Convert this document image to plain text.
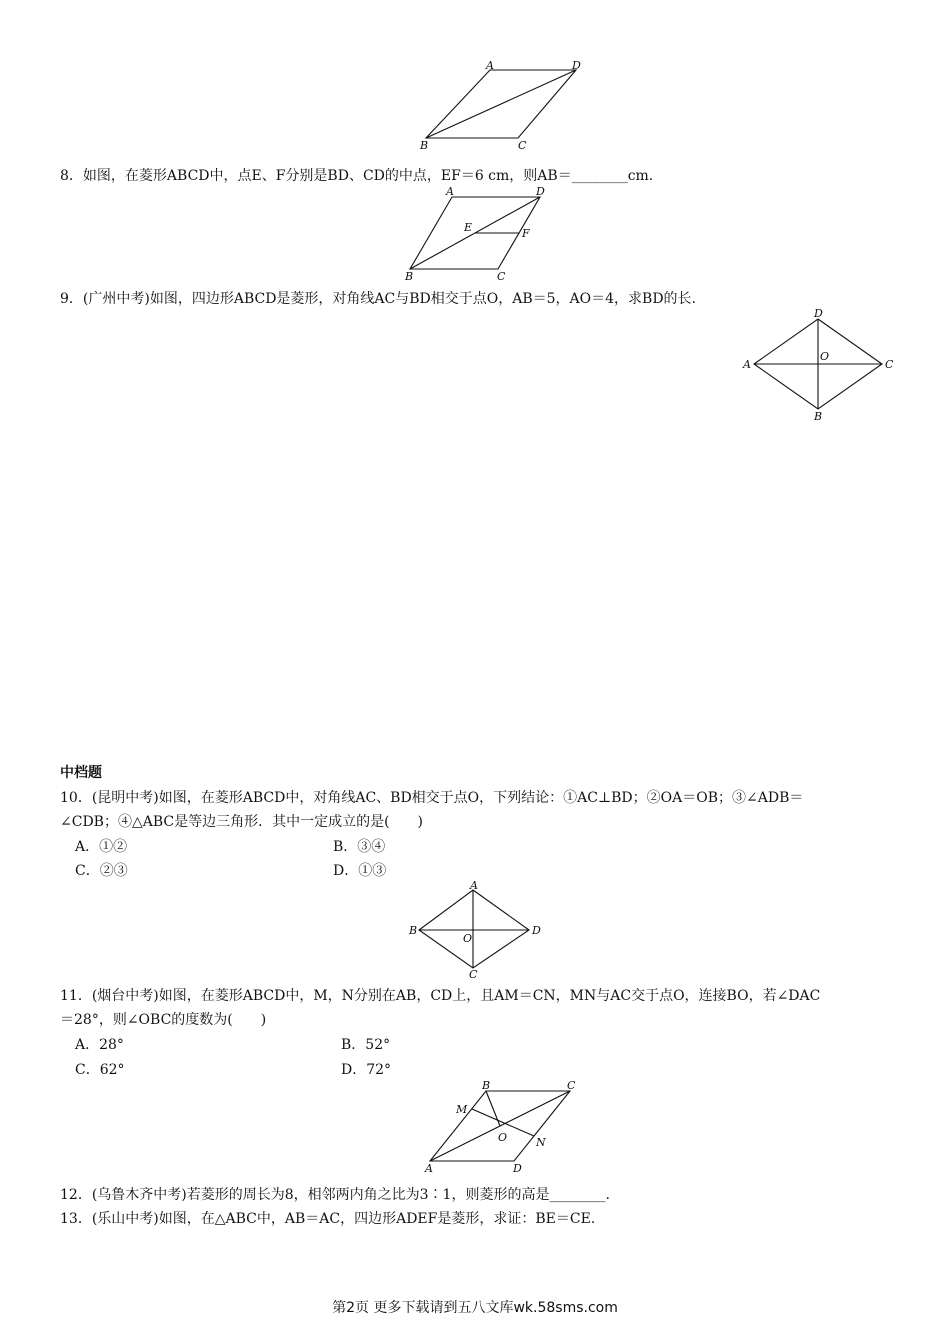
A	D
B	C
8．如图，在菱形ABCD中，点E、F分别是BD、CD的中点，EF＝6 cm，则AB＝________cm.
A	D
E	F
B	C
9．(广州中考)如图，四边形ABCD是菱形，对角线AC与BD相交于点O，AB＝5，AO＝4，求BD的长.
D
A
O
C
B
中档题
10．(昆明中考)如图，在菱形ABCD中，对角线AC、BD相交于点O，下列结论：①AC⊥BD；②OA＝OB；③∠ADB＝
∠CDB；④△ABC是等边三角形．其中一定成立的是(　　)
A．①②	B．③④
C．②③	D．①③
A
B
O
D
C
11．(烟台中考)如图，在菱形ABCD中，M，N分别在AB，CD上，且AM＝CN，MN与AC交于点O，连接BO，若∠DAC
＝28°，则∠OBC的度数为(　　)
A．28°	B．52°
C．62°	D．72°
B	C
M
O	N
A	D
12．(乌鲁木齐中考)若菱形的周长为8，相邻两内角之比为3∶1，则菱形的高是________.
13．(乐山中考)如图，在△ABC中，AB＝AC，四边形ADEF是菱形，求证：BE＝CE.
第2页 更多下载请到五八文库wk.58sms.com
